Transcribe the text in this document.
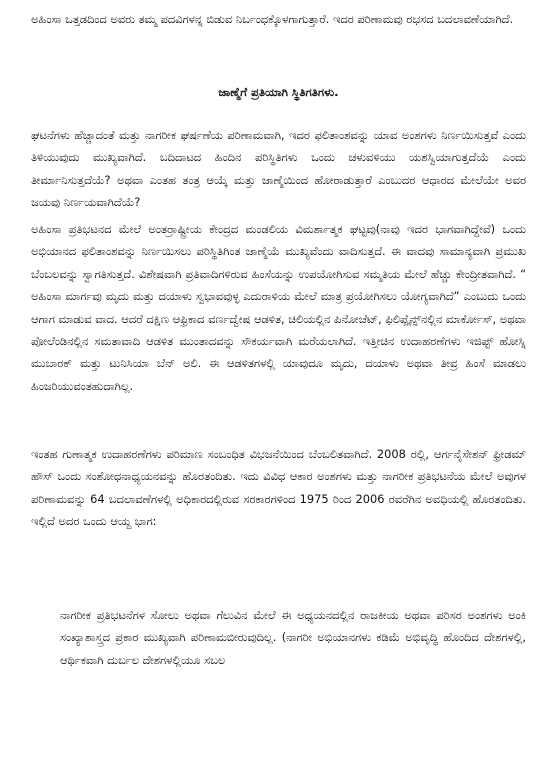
ಅಹಿಂಸಾ ಒತ್ತಡದಿಂದ ಅವರು ತಮ್ಮ ಪದವಿಗಳನ್ನ ಬಿಡುವ ನಿರ್ಬಂಧಕ್ಕೊಳಗಾಗುತ್ತಾರೆ. ಇದರ ಪರಿಣಾಮವು ರಭಸದ ಬದಲಾವಣೆಯಾಗಿದೆ.

ಜಾಣ್ಮೆಗೆ ಪ್ರತಿಯಾಗಿ ಸ್ಥಿತಿಗತಿಗಳು.

ಘಟನೆಗಳು ಹೆಚ್ಚಾದಂತೆ ಮತ್ತು ನಾಗರೀಕ ಘರ್ಷಣೆಯ ಪರಿಣಾಮವಾಗಿ, ಇದರ ಫಲಿತಾಂಶವನ್ನು ಯಾವ ಅಂಶಗಳು ನಿರ್ಣಯಿಸುತ್ತವೆ ಎಂದು ತಿಳಿಯುವುದು ಮುಖ್ಯವಾಗಿದೆ. ಬದಿದಾಟದ ಹಿಂದಿನ ಪರಿಸ್ಥಿತಿಗಳು ಒಂದು ಚಳುವಳಿಯು ಯಶಸ್ವಿಯಾಗುತ್ತದೆಯೆ ಎಂದು ತೀರ್ಮಾನಿಸುತ್ತದೆಯೆ? ಅಥವಾ ಎಂತಹ ತಂತ್ರ ಆಯ್ಕೆ ಮತ್ತು ಜಾಣ್ಮೆಯಿಂದ ಹೋರಾಡುತ್ತಾರೆ ಎಂಬುದರ ಆಧಾರದ ಮೇಲೆಯೇ ಅವರ ಜಯವು ನಿರ್ಣಯವಾಗಿದೆಯೆ?

ಅಹಿಂಸಾ ಪ್ರತಿಭಟನದ ಮೇಲೆ ಅಂತರ್ರಾಷ್ಟ್ರೀಯ ಕೇಂದ್ರದ ಮಂಡಲಿಯ ವಿಮರ್ಶಾತ್ಮಕ ಘಟ್ಟವು(ನಾವು ಇದರ ಭಾಗವಾಗಿದ್ದೇವೆ) ಒಂದು ಅಭಿಯಾನದ ಫಲಿತಾಂಶವನ್ನು ನಿರ್ಣಯಿಸಲು ಪರಿಸ್ಥಿತಿಗಿಂತ ಜಾಣ್ಮೆಯೆ ಮುಖ್ಯವೆಂದು ವಾದಿಸುತ್ತದೆ. ಈ ವಾದವು ಸಾಮಾನ್ಯವಾಗಿ ಪ್ರಮುಖ ಬೆಂಬಲವನ್ನು ಸ್ವಾಗತಿಸುತ್ತದೆ. ವಿಶೇಷವಾಗಿ ಪ್ರತಿವಾದಿಗಳಿರುವ ಹಿಂಸೆಯನ್ನು ಉಪಯೋಗಿಸುವ ಸಮ್ಮತಿಯ ಮೇಲೆ ಹೆಚ್ಚು ಕೇಂದ್ರೀತವಾಗಿದೆ. “ ಅಹಿಂಸಾ ಮಾರ್ಗವು ಮೃದು ಮತ್ತು ದಯಾಳು ಸ್ವಭಾವವುಳ್ಳ ಎದುರಾಳಿಯ ಮೇಲೆ ಮಾತ್ರ ಪ್ರಯೋಗಿಸಲು ಯೋಗ್ಯವಾಗಿದೆ” ಎಂಬುದು ಒಂದು ಆಗಾಗ ಮಾಡುವ ವಾದ. ಆದರೆ ದಕ್ಷಿಣ ಆಫ್ರಿಕಾದ ವರ್ಣದ್ವೇಷ ಆಡಳಿತ, ಚಿಲಿಯಲ್ಲಿನ ಪಿನೋಚೆಟ್, ಫಿಲಿಪ್ಪೈನ್ಸ್‌ನಲ್ಲಿನ ಮಾರ್ಕೋಸ್, ಅಥವಾ ಪೋಲೆಂಡಿನಲ್ಲಿನ ಸಮತಾವಾದಿ ಆಡಳಿತ ಮುಂತಾದವನ್ನು ಸೌಕರ್ಯವಾಗಿ ಮರೆಯಲಾಗಿದೆ. ಇತ್ತೀಚಿನ ಉದಾಹರಣೆಗಳು ಇಜಿಪ್ಟ್ ಹೋಸ್ನಿ ಮುಬಾರಕ್ ಮತ್ತು ಟುನಿಸಿಯಾ ಬೆನ್ ಅಲಿ. ಈ ಆಡಳಿತಗಳಲ್ಲಿ ಯಾವುದೂ ಮೃದು, ದಯಾಳು ಅಥವಾ ತೀವ್ರ ಹಿಂಸೆ ಮಾಡಲು ಹಿಂಜರಿಯುವಂತಹುದಾಗಿಲ್ಲ.

ಇಂತಹ ಗುಣಾತ್ಮಕ ಉದಾಹರಣೆಗಳು ಪರಿಮಾಣ ಸಂಬಂಧಿತ ವಿಭಜನೆಯಿಂದ ಬೆಂಬಲಿತವಾಗಿದೆ. 2008 ರಲ್ಲಿ, ಆರ್ಗನೈಸೇಶನ್ ಫ್ರೀಡಮ್ ಹೌಸ್ ಒಂದು ಸಂಶೋಧನಾಧ್ಯಯನವನ್ನು ಹೊರತಂದಿತು. ಇದು ವಿವಿಧ ಆಕಾರ ಅಂಶಗಳು ಮತ್ತು ನಾಗರೀಕ ಪ್ರತಿಭಟನೆಯ ಮೇಲೆ ಅವುಗಳ ಪರಿಣಾಮವನ್ನು 64 ಬದಲಾವಣೆಗಳಲ್ಲಿ ಅಧಿಕಾರದಲ್ಲಿರುವ ಸರಕಾರಗಳಿಂದ 1975 ರಿಂದ 2006 ರವರೆಗಿನ ಅವಧಿಯಲ್ಲಿ ಹೊರತಂದಿತು. ಇಲ್ಲಿದೆ ಅದರ ಒಂದು ಆಯ್ದ ಭಾಗ:

ನಾಗರೀಕ ಪ್ರತಿಭಟನೆಗಳ ಸೋಲು ಅಥವಾ ಗೆಲುವಿನ ಮೇಲೆ ಈ ಅಧ್ಯಯನದಲ್ಲಿನ ರಾಜಕೀಯ ಅಥವಾ ಪರಿಸರ ಅಂಶಗಳು ಅಂಕಿ ಸಂಖ್ಯಾಶಾಸ್ತ್ರದ ಪ್ರಕಾರ ಮುಖ್ಯವಾಗಿ ಪರಿಣಾಮಬೀರುವುದಿಲ್ಲ. (ನಾಗರೀ ಅಭಿಯಾನಗಳು ಕಡಿಮೆ ಅಭಿವೃದ್ಧಿ ಹೊಂದಿದ ದೇಶಗಳಲ್ಲಿ, ಆರ್ಥಿಕವಾಗಿ ದುರ್ಬಲ ದೇಶಗಳಲ್ಲಿಯೂ ಸಬಲ
